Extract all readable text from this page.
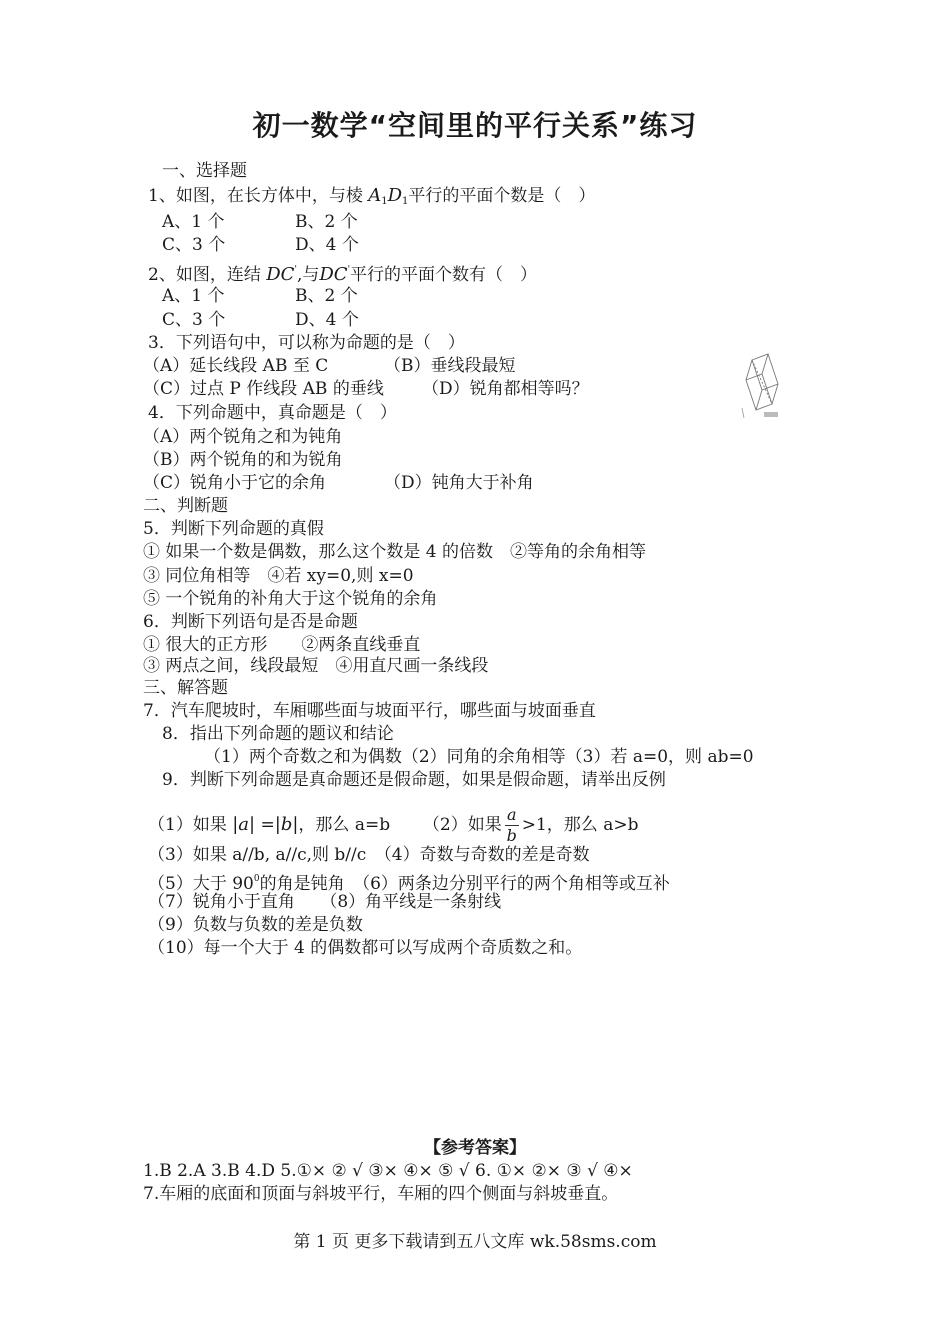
初一数学“空间里的平行关系”练习
一、选择题
1、如图，在长方体中，与棱 $A_1D_1$平行的平面个数是（　）
A、1 个	B、2 个
C、3 个	D、4 个
2、如图，连结 DC',与DC'平行的平面个数有（　）
A、1 个	B、2 个
C、3 个	D、4 个
3．下列语句中，可以称为命题的是（　）
（A）延长线段 AB 至 C	（B）垂线段最短
（C）过点 P 作线段 AB 的垂线 （D）锐角都相等吗？
4．下列命题中，真命题是（　）
（A）两个锐角之和为钝角
（B）两个锐角的和为锐角
（C）锐角小于它的余角	（D）钝角大于补角
二、判断题
5．判断下列命题的真假
① 如果一个数是偶数，那么这个数是 4 的倍数　②等角的余角相等
③ 同位角相等　④若 xy=0,则 x=0
⑤ 一个锐角的补角大于这个锐角的余角
6．判断下列语句是否是命题
① 很大的正方形　　②两条直线垂直
③ 两点之间，线段最短　④用直尺画一条线段
三、解答题
7．汽车爬坡时，车厢哪些面与坡面平行，哪些面与坡面垂直
8．指出下列命题的题议和结论
（1）两个奇数之和为偶数（2）同角的余角相等（3）若 a=0，则 ab=0
9．判断下列命题是真命题还是假命题，如果是假命题，请举出反例
（1）如果 |a| =|b|，那么 a=b （2）如果 $\frac{a}{b} >1$，那么 a>b
（3）如果 a//b, a//c,则 b//c　（4）奇数与奇数的差是奇数
（5）大于 $90^0$的角是钝角　（6）两条边分别平行的两个角相等或互补
（7）锐角小于直角　　（8）角平线是一条射线
（9）负数与负数的差是负数
（10）每一个大于 4 的偶数都可以写成两个奇质数之和。
【参考答案】
1.B 2.A 3.B 4.D 5.①× ② √ ③× ④× ⑤ √ 6. ①× ②× ③ √ ④×
7.车厢的底面和顶面与斜坡平行，车厢的四个侧面与斜坡垂直。
第 1 页 更多下载请到五八文库 wk.58sms.com
